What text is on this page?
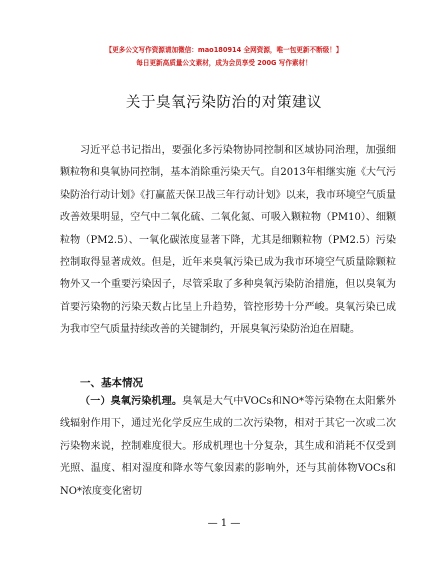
【更多公文写作资源请加微信：mao180914 全网资源，唯一包更新不断级！】
每日更新高质量公文素材，成为会员享受 200G 写作素材！
关于臭氧污染防治的对策建议

习近平总书记指出，要强化多污染物协同控制和区域协同治理，加强细颗粒物和臭氧协同控制，基本消除重污染天气。自2013年相继实施《大气污染防治行动计划》《打赢蓝天保卫战三年行动计划》以来，我市环境空气质量改善效果明显，空气中二氧化硫、二氧化氮、可吸入颗粒物（PM10）、细颗粒物（PM2.5）、一氧化碳浓度显著下降，尤其是细颗粒物（PM2.5）污染控制取得显著成效。但是，近年来臭氧污染已成为我市环境空气质量除颗粒物外又一个重要污染因子，尽管采取了多种臭氧污染防治措施，但以臭氧为首要污染物的污染天数占比呈上升趋势，管控形势十分严峻。臭氧污染已成为我市空气质量持续改善的关键制约，开展臭氧污染防治迫在眉睫。

一、基本情况

（一）臭氧污染机理。臭氧是大气中VOCs和NO*等污染物在太阳紫外线辐射作用下，通过光化学反应生成的二次污染物，相对于其它一次或二次污染物来说，控制难度很大。形成机理也十分复杂，其生成和消耗不仅受到光照、温度、相对湿度和降水等气象因素的影响外，还与其前体物VOCs和NO*浓度变化密切

— 1 —
